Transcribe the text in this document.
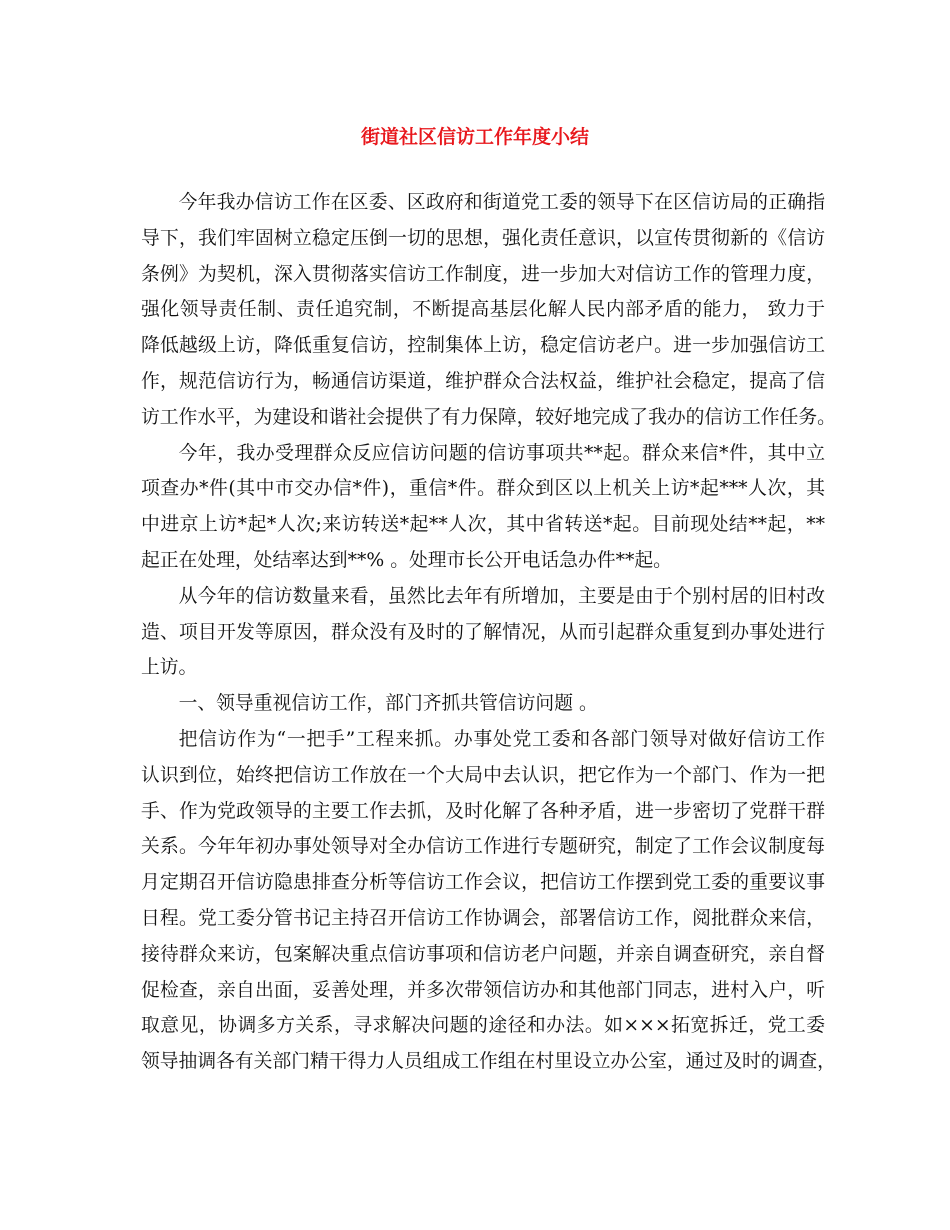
街道社区信访工作年度小结
今年我办信访工作在区委、区政府和街道党工委的领导下在区信访局的正确指
导下，我们牢固树立稳定压倒一切的思想，强化责任意识，以宣传贯彻新的《信访
条例》为契机，深入贯彻落实信访工作制度，进一步加大对信访工作的管理力度，
强化领导责任制、责任追究制，不断提高基层化解人民内部矛盾的能力， 致力于
降低越级上访，降低重复信访，控制集体上访，稳定信访老户。进一步加强信访工
作，规范信访行为，畅通信访渠道，维护群众合法权益，维护社会稳定，提高了信
访工作水平，为建设和谐社会提供了有力保障，较好地完成了我办的信访工作任务。
今年，我办受理群众反应信访问题的信访事项共**起。群众来信*件，其中立
项查办*件(其中市交办信*件)，重信*件。群众到区以上机关上访*起***人次，其
中进京上访*起*人次;来访转送*起**人次，其中省转送*起。目前现处结**起，**
起正在处理，处结率达到**% 。处理市长公开电话急办件**起。
从今年的信访数量来看，虽然比去年有所增加，主要是由于个别村居的旧村改
造、项目开发等原因，群众没有及时的了解情况，从而引起群众重复到办事处进行
上访。
一、领导重视信访工作，部门齐抓共管信访问题 。
把信访作为“一把手”工程来抓。办事处党工委和各部门领导对做好信访工作
认识到位，始终把信访工作放在一个大局中去认识，把它作为一个部门、作为一把
手、作为党政领导的主要工作去抓，及时化解了各种矛盾，进一步密切了党群干群
关系。今年年初办事处领导对全办信访工作进行专题研究，制定了工作会议制度每
月定期召开信访隐患排查分析等信访工作会议，把信访工作摆到党工委的重要议事
日程。党工委分管书记主持召开信访工作协调会，部署信访工作，阅批群众来信，
接待群众来访，包案解决重点信访事项和信访老户问题，并亲自调查研究，亲自督
促检查，亲自出面，妥善处理，并多次带领信访办和其他部门同志，进村入户，听
取意见，协调多方关系，寻求解决问题的途径和办法。如×××拓宽拆迁，党工委
领导抽调各有关部门精干得力人员组成工作组在村里设立办公室，通过及时的调查，
